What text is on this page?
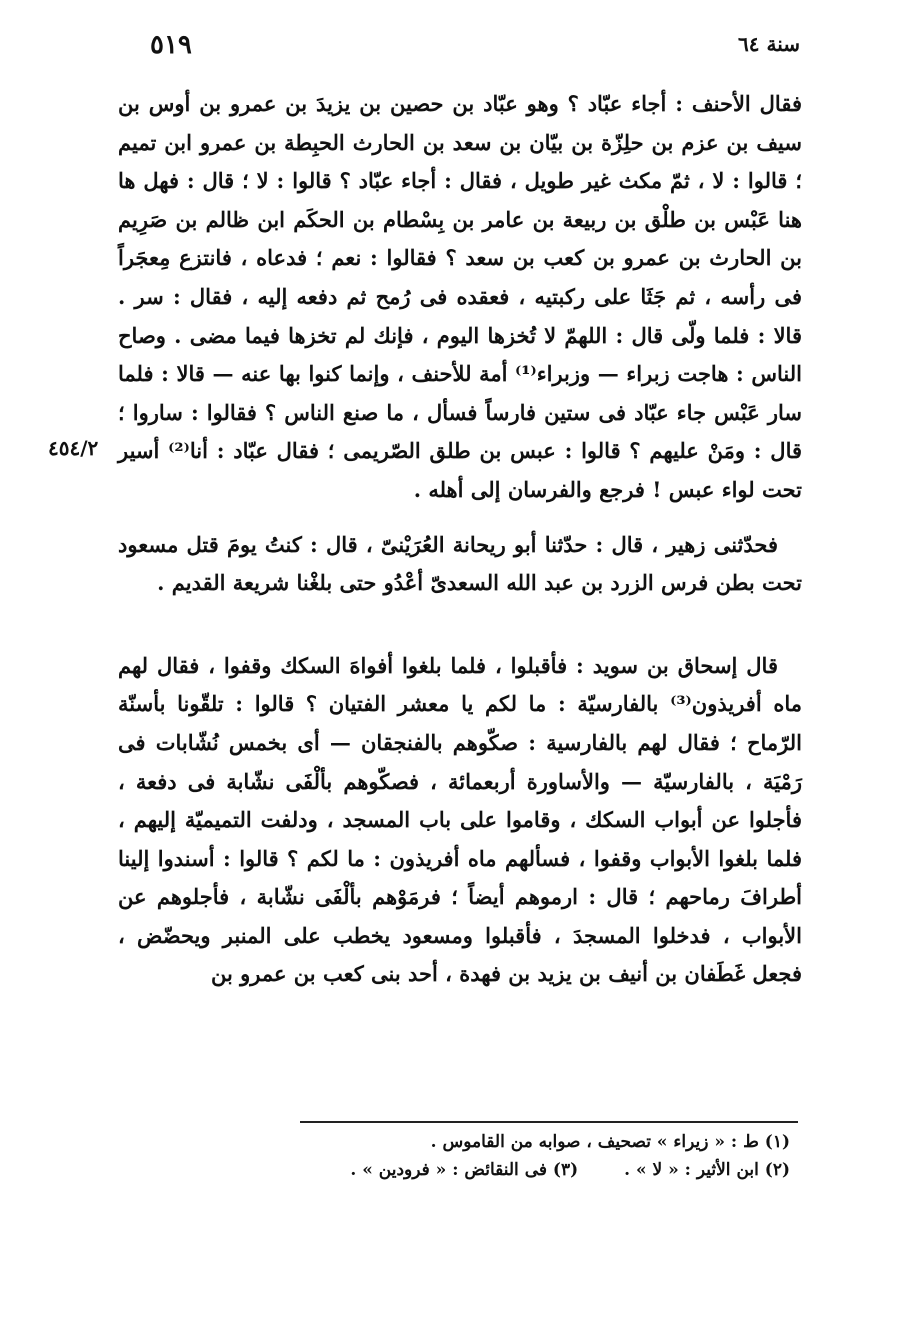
سنة ٦٤
٥١٩
٤٥٤/٢

فقال الأحنف : أجاء عبّاد ؟ وهو عبّاد بن حصين بن يزيدَ بن عمرو بن أوس بن سيف بن عزم بن حلِزّة بن بيّان بن سعد بن الحارث الحبِطة بن عمرو ابن تميم ؛ قالوا : لا ، ثمّ مكث غير طويل ، فقال : أجاء عبّاد ؟ قالوا : لا ؛ قال : فهل ها هنا عَبْس بن طلْق بن ربيعة بن عامر بن بِسْطام بن الحكَم ابن ظالم بن صَرِيم بن الحارث بن عمرو بن كعب بن سعد ؟ فقالوا : نعم ؛ فدعاه ، فانتزع مِعجَراً فى رأسه ، ثم جَثَا على ركبتيه ، فعقده فى رُمح ثم دفعه إليه ، فقال : سر . قالا : فلما ولّى قال : اللهمّ لا تُخزها اليوم ، فإنك لم تخزها فيما مضى . وصاح الناس : هاجت زبراء — وزبراء⁽¹⁾ أمة للأحنف ، وإنما كنوا بها عنه — قالا : فلما سار عَبْس جاء عبّاد فى ستين فارساً فسأل ، ما صنع الناس ؟ فقالوا : ساروا ؛ قال : ومَنْ عليهم ؟ قالوا : عبس بن طلق الصّريمى ؛ فقال عبّاد : أنا⁽²⁾ أسير تحت لواء عبس ! فرجع والفرسان إلى أهله .

فحدّثنى زهير ، قال : حدّثنا أبو ريحانة العُرَيْنىّ ، قال : كنتُ يومَ قتل مسعود تحت بطن فرس الزرد بن عبد الله السعدىّ أعْدُو حتى بلغْنا شريعة القديم .

قال إسحاق بن سويد : فأقبلوا ، فلما بلغوا أفواهَ السكك وقفوا ، فقال لهم ماه أفريذون⁽³⁾ بالفارسيّة : ما لكم يا معشر الفتيان ؟ قالوا : تلقّونا بأسنّة الرّماح ؛ فقال لهم بالفارسية : صكّوهم بالفنجقان — أى بخمس نُشّابات فى رَمْيَة ، بالفارسيّة — والأساورة أربعمائة ، فصكّوهم بألْفَى نشّابة فى دفعة ، فأجلوا عن أبواب السكك ، وقاموا على باب المسجد ، ودلفت التميميّة إليهم ، فلما بلغوا الأبواب وقفوا ، فسألهم ماه أفريذون : ما لكم ؟ قالوا : أسندوا إلينا أطرافَ رماحهم ؛ قال : ارموهم أيضاً ؛ فرمَوْهم بألْفَى نشّابة ، فأجلوهم عن الأبواب ، فدخلوا المسجدَ ، فأقبلوا ومسعود يخطب على المنبر ويحضّض ، فجعل غَطَفان بن أنيف بن يزيد بن فهدة ، أحد بنى كعب بن عمرو بن

(١) ط : « زيراء » تصحيف ، صوابه من القاموس .

(٢) ابن الأثير : « لا » .(٣) فى النقائض : « فرودين » .
